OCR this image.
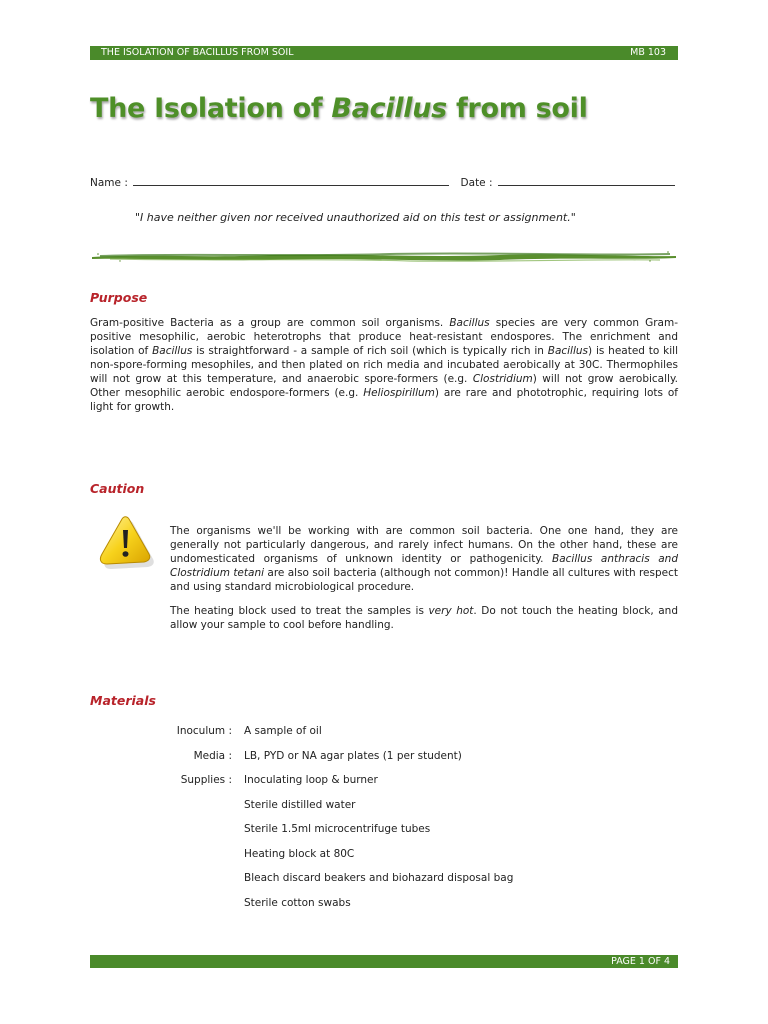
THE ISOLATION OF BACILLUS FROM SOIL	MB 103
The Isolation of Bacillus from soil
Name :	Date :
"I have neither given nor received unauthorized aid on this test or assignment."
Purpose

Gram-positive Bacteria as a group are common soil organisms. Bacillus species are very common Gram-positive mesophilic, aerobic heterotrophs that produce heat-resistant endospores. The enrichment and isolation of Bacillus is straightforward - a sample of rich soil (which is typically rich in Bacillus) is heated to kill non-spore-forming mesophiles, and then plated on rich media and incubated aerobically at 30C. Thermophiles will not grow at this temperature, and anaerobic spore-formers (e.g. Clostridium) will not grow aerobically. Other mesophilic aerobic endospore-formers (e.g. Heliospirillum) are rare and phototrophic, requiring lots of light for growth.

Caution

The organisms we'll be working with are common soil bacteria. One one hand, they are generally not particularly dangerous, and rarely infect humans. On the other hand, these are undomesticated organisms of unknown identity or pathogenicity. Bacillus anthracis and Clostridium tetani are also soil bacteria (although not common)! Handle all cultures with respect and using standard microbiological procedure.

The heating block used to treat the samples is very hot. Do not touch the heating block, and allow your sample to cool before handling.

Materials
Inoculum :	A sample of oil
Media :	LB, PYD or NA agar plates (1 per student)
Supplies :	Inoculating loop & burner
Sterile distilled water
Sterile 1.5ml microcentrifuge tubes
Heating block at 80C
Bleach discard beakers and biohazard disposal bag
Sterile cotton swabs
PAGE 1 OF 4
